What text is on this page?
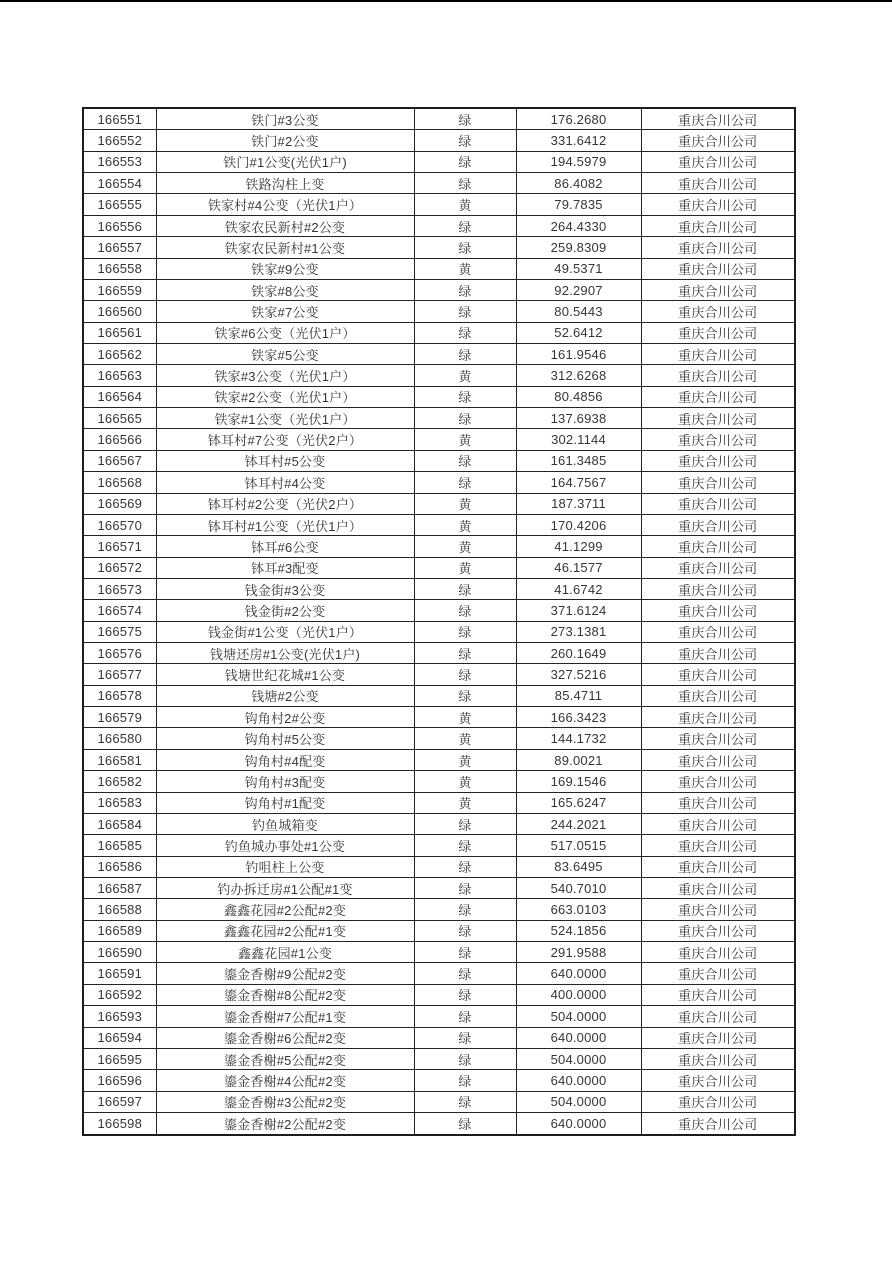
166551	铁门#3公变	绿	176.2680	重庆合川公司
166552	铁门#2公变	绿	331.6412	重庆合川公司
166553	铁门#1公变(光伏1户)	绿	194.5979	重庆合川公司
166554	铁路沟柱上变	绿	86.4082	重庆合川公司
166555	铁家村#4公变（光伏1户）	黄	79.7835	重庆合川公司
166556	铁家农民新村#2公变	绿	264.4330	重庆合川公司
166557	铁家农民新村#1公变	绿	259.8309	重庆合川公司
166558	铁家#9公变	黄	49.5371	重庆合川公司
166559	铁家#8公变	绿	92.2907	重庆合川公司
166560	铁家#7公变	绿	80.5443	重庆合川公司
166561	铁家#6公变（光伏1户）	绿	52.6412	重庆合川公司
166562	铁家#5公变	绿	161.9546	重庆合川公司
166563	铁家#3公变（光伏1户）	黄	312.6268	重庆合川公司
166564	铁家#2公变（光伏1户）	绿	80.4856	重庆合川公司
166565	铁家#1公变（光伏1户）	绿	137.6938	重庆合川公司
166566	钵耳村#7公变（光伏2户）	黄	302.1144	重庆合川公司
166567	钵耳村#5公变	绿	161.3485	重庆合川公司
166568	钵耳村#4公变	绿	164.7567	重庆合川公司
166569	钵耳村#2公变（光伏2户）	黄	187.3711	重庆合川公司
166570	钵耳村#1公变（光伏1户）	黄	170.4206	重庆合川公司
166571	钵耳#6公变	黄	41.1299	重庆合川公司
166572	钵耳#3配变	黄	46.1577	重庆合川公司
166573	钱金街#3公变	绿	41.6742	重庆合川公司
166574	钱金街#2公变	绿	371.6124	重庆合川公司
166575	钱金街#1公变（光伏1户）	绿	273.1381	重庆合川公司
166576	钱塘还房#1公变(光伏1户)	绿	260.1649	重庆合川公司
166577	钱塘世纪花城#1公变	绿	327.5216	重庆合川公司
166578	钱塘#2公变	绿	85.4711	重庆合川公司
166579	钩角村2#公变	黄	166.3423	重庆合川公司
166580	钩角村#5公变	黄	144.1732	重庆合川公司
166581	钩角村#4配变	黄	89.0021	重庆合川公司
166582	钩角村#3配变	黄	169.1546	重庆合川公司
166583	钩角村#1配变	黄	165.6247	重庆合川公司
166584	钓鱼城箱变	绿	244.2021	重庆合川公司
166585	钓鱼城办事处#1公变	绿	517.0515	重庆合川公司
166586	钓咀柱上公变	绿	83.6495	重庆合川公司
166587	钓办拆迁房#1公配#1变	绿	540.7010	重庆合川公司
166588	鑫鑫花园#2公配#2变	绿	663.0103	重庆合川公司
166589	鑫鑫花园#2公配#1变	绿	524.1856	重庆合川公司
166590	鑫鑫花园#1公变	绿	291.9588	重庆合川公司
166591	鎏金香榭#9公配#2变	绿	640.0000	重庆合川公司
166592	鎏金香榭#8公配#2变	绿	400.0000	重庆合川公司
166593	鎏金香榭#7公配#1变	绿	504.0000	重庆合川公司
166594	鎏金香榭#6公配#2变	绿	640.0000	重庆合川公司
166595	鎏金香榭#5公配#2变	绿	504.0000	重庆合川公司
166596	鎏金香榭#4公配#2变	绿	640.0000	重庆合川公司
166597	鎏金香榭#3公配#2变	绿	504.0000	重庆合川公司
166598	鎏金香榭#2公配#2变	绿	640.0000	重庆合川公司
